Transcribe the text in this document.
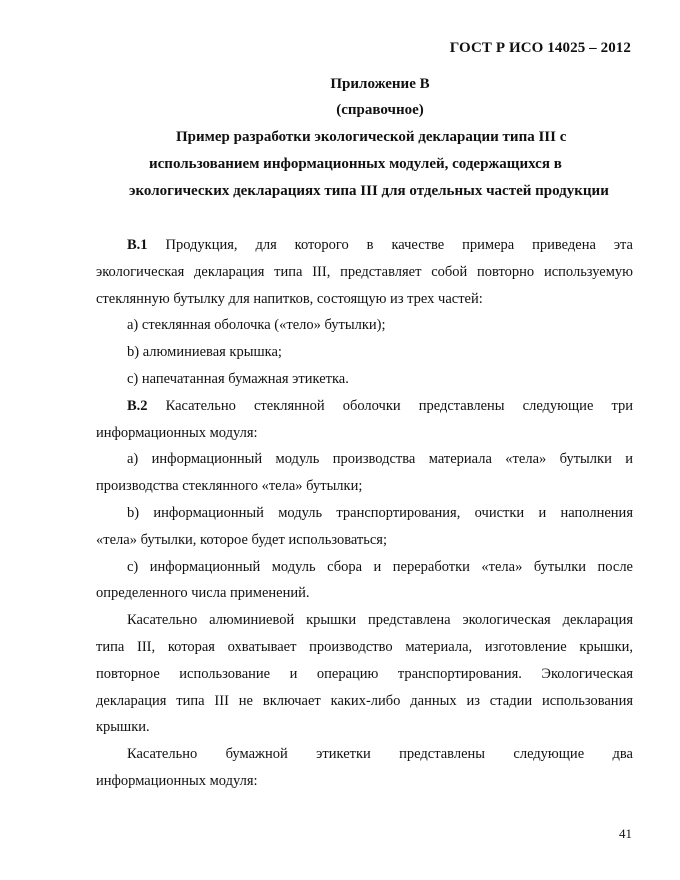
ГОСТ Р ИСО 14025 – 2012
Приложение В
(справочное)
Пример разработки экологической декларации типа III с
использованием информационных модулей, содержащихся в
экологических декларациях типа III для отдельных частей продукции
В.1 Продукция, для которого в качестве примера приведена эта
экологическая декларация типа III, представляет собой повторно используемую
стеклянную бутылку для напитков, состоящую из трех частей:
а) стеклянная оболочка («тело» бутылки);
b) алюминиевая крышка;
c) напечатанная бумажная этикетка.
В.2 Касательно стеклянной оболочки представлены следующие три
информационных модуля:
а) информационный модуль производства материала «тела» бутылки и
производства стеклянного «тела» бутылки;
b) информационный модуль транспортирования, очистки и наполнения
«тела» бутылки, которое будет использоваться;
c) информационный модуль сбора и переработки «тела» бутылки после
определенного числа применений.
Касательно алюминиевой крышки представлена экологическая декларация
типа III, которая охватывает производство материала, изготовление крышки,
повторное использование и операцию транспортирования. Экологическая
декларация типа III не включает каких-либо данных из стадии использования
крышки.
Касательно бумажной этикетки представлены следующие два
информационных модуля:
41
